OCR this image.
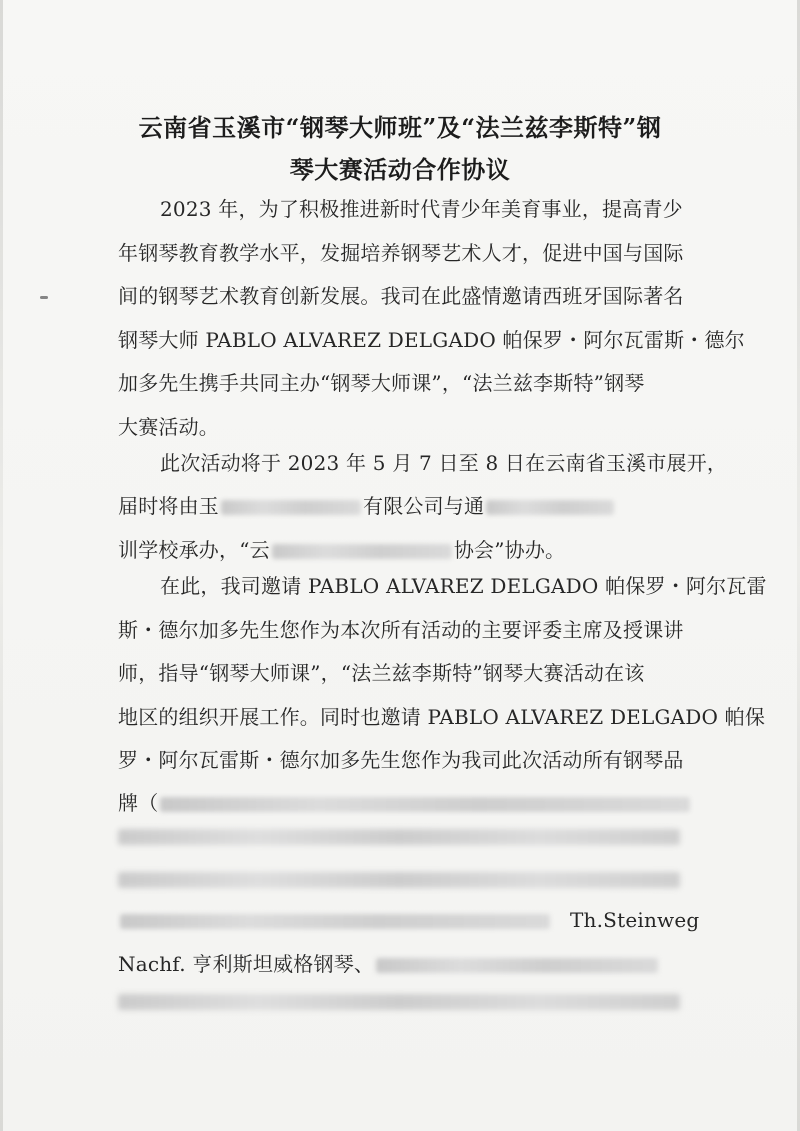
云南省玉溪市“钢琴大师班”及“法兰兹李斯特”钢
琴大赛活动合作协议
2023 年，为了积极推进新时代青少年美育事业，提高青少
年钢琴教育教学水平，发掘培养钢琴艺术人才，促进中国与国际
间的钢琴艺术教育创新发展。我司在此盛情邀请西班牙国际著名
钢琴大师 PABLO ALVAREZ DELGADO 帕保罗・阿尔瓦雷斯・德尔
加多先生携手共同主办“钢琴大师课”，“法兰兹李斯特”钢琴
大赛活动。
此次活动将于 2023 年 5 月 7 日至 8 日在云南省玉溪市展开，
届时将由玉	有限公司与通
训学校承办，“云	协会”协办。
在此，我司邀请 PABLO ALVAREZ DELGADO 帕保罗・阿尔瓦雷
斯・德尔加多先生您作为本次所有活动的主要评委主席及授课讲
师，指导“钢琴大师课”，“法兰兹李斯特”钢琴大赛活动在该
地区的组织开展工作。同时也邀请 PABLO ALVAREZ DELGADO 帕保
罗・阿尔瓦雷斯・德尔加多先生您作为我司此次活动所有钢琴品
牌（
Th.Steinweg
Nachf. 亨利斯坦威格钢琴、
